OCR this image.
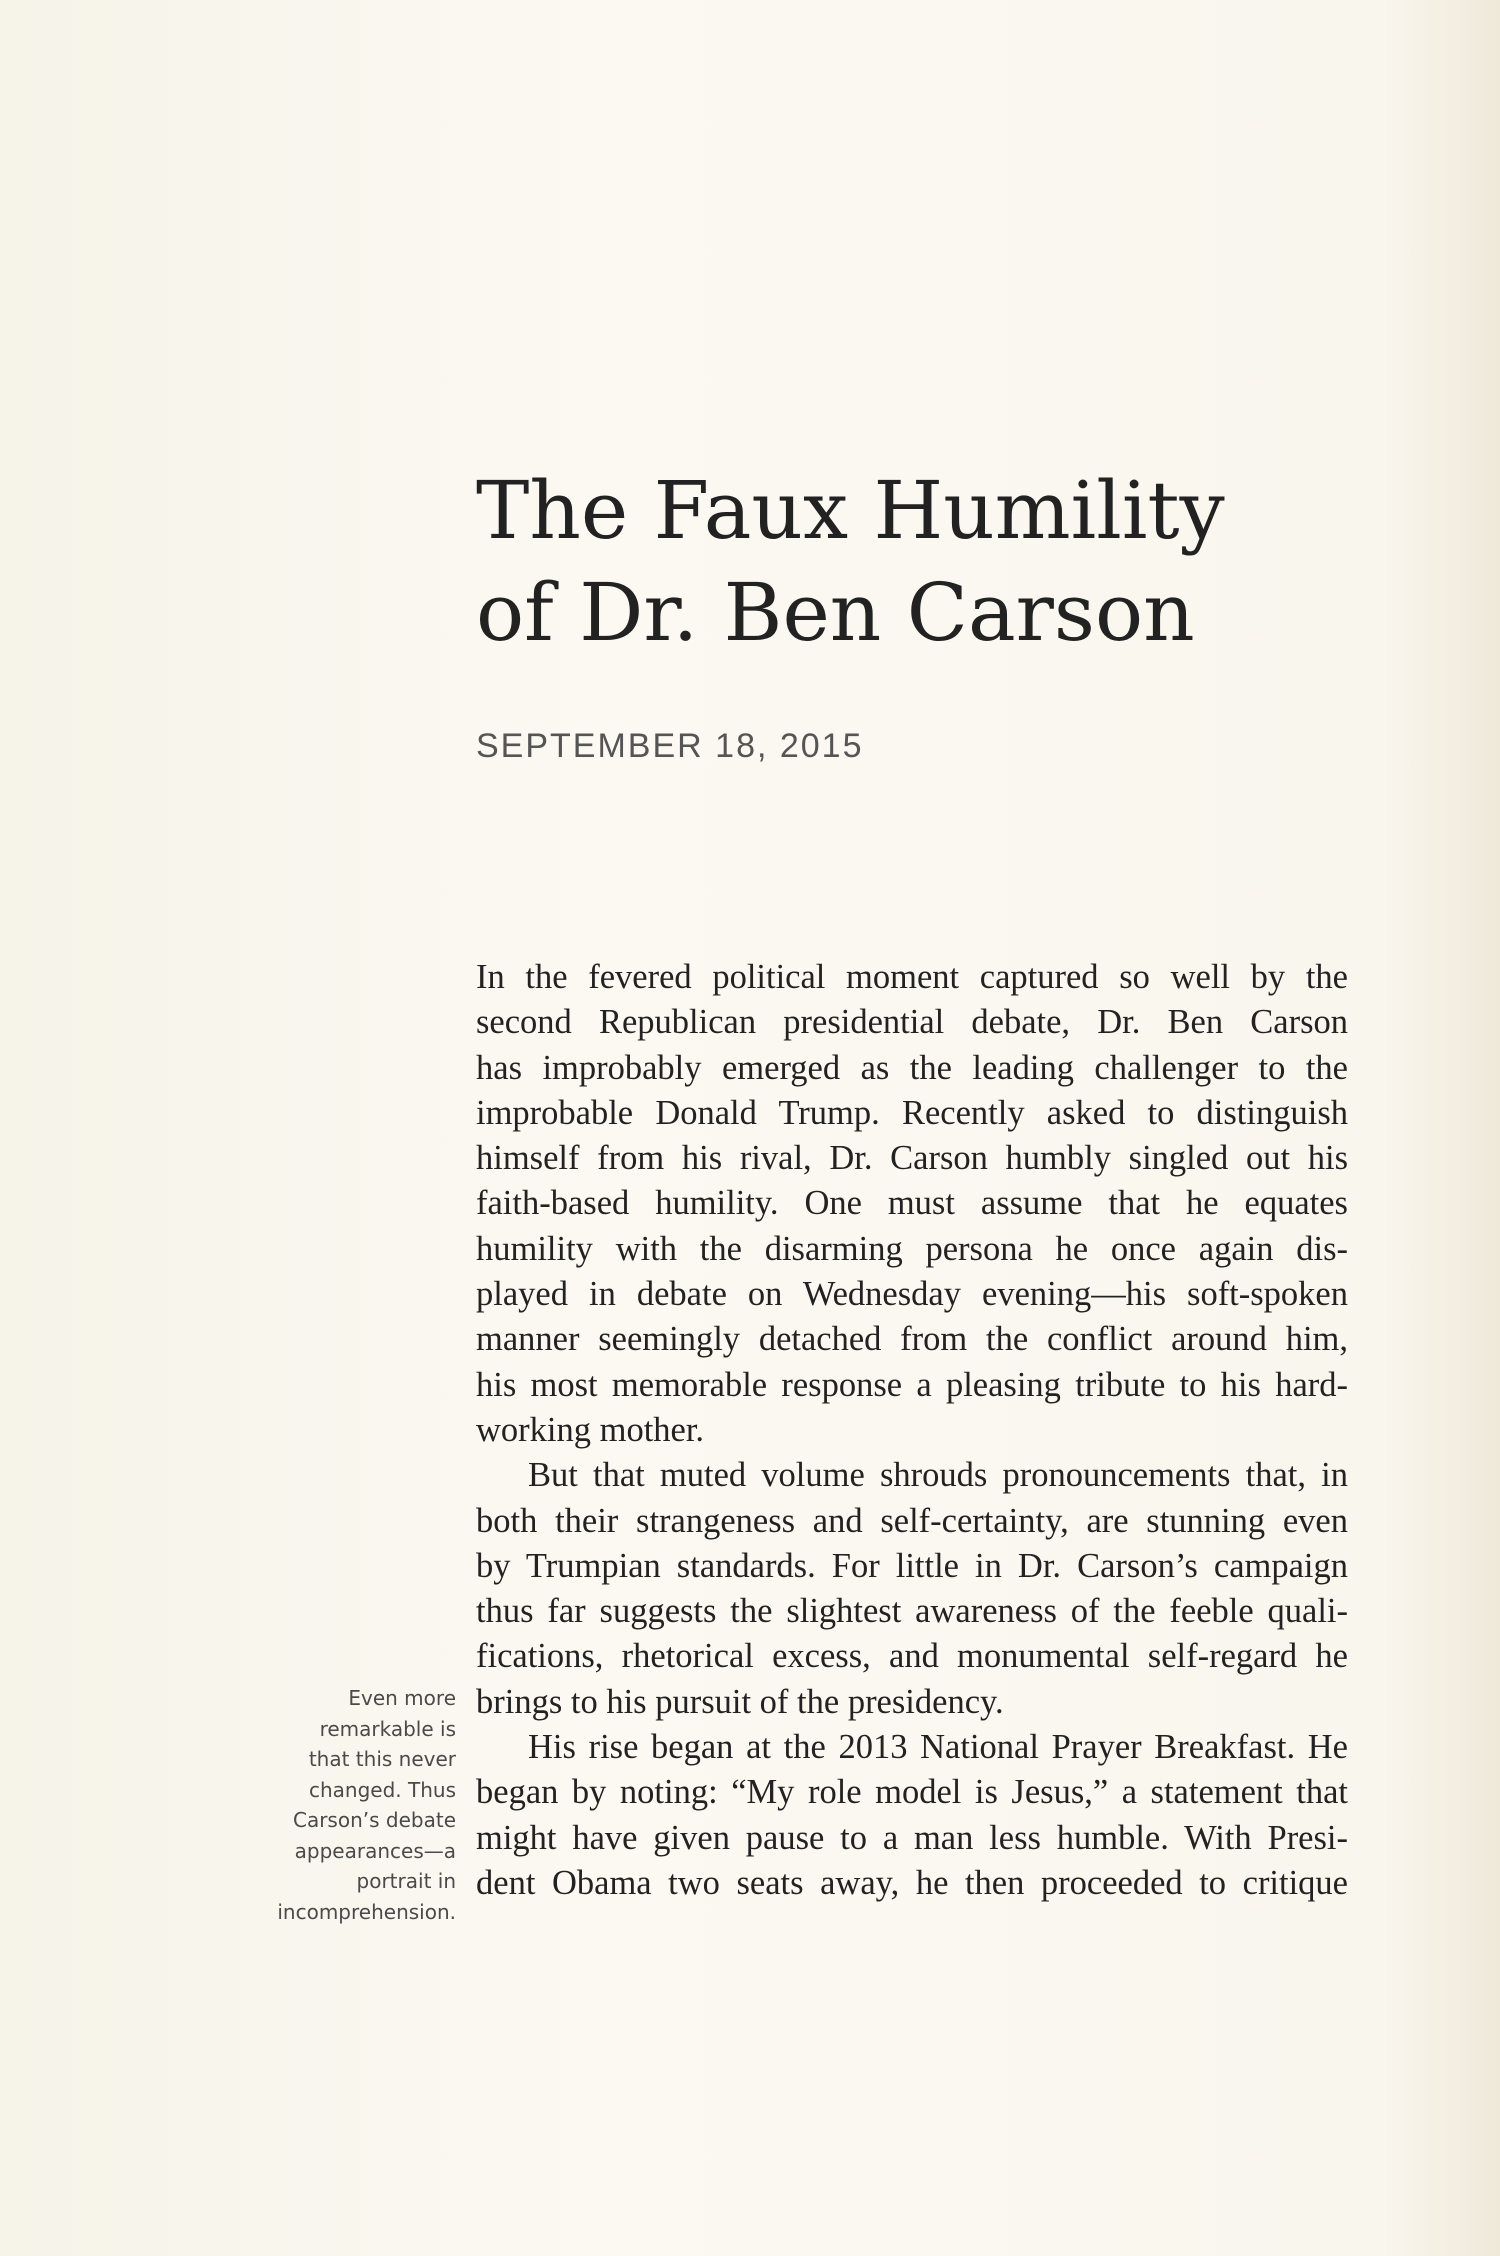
The Faux Humility
of Dr. Ben Carson
SEPTEMBER 18, 2015
In the fevered political moment captured so well by the
second Republican presidential debate, Dr. Ben Carson
has improbably emerged as the leading challenger to the
improbable Donald Trump. Recently asked to distinguish
himself from his rival, Dr. Carson humbly singled out his
faith-based humility. One must assume that he equates
humility with the disarming persona he once again dis-
played in debate on Wednesday evening—his soft-spoken
manner seemingly detached from the conflict around him,
his most memorable response a pleasing tribute to his hard-
working mother.
But that muted volume shrouds pronouncements that, in
both their strangeness and self-certainty, are stunning even
by Trumpian standards. For little in Dr. Carson’s campaign
thus far suggests the slightest awareness of the feeble quali-
fications, rhetorical excess, and monumental self-regard he
brings to his pursuit of the presidency.
His rise began at the 2013 National Prayer Breakfast. He
began by noting: “My role model is Jesus,” a statement that
might have given pause to a man less humble. With Presi-
dent Obama two seats away, he then proceeded to critique
Even more
remarkable is
that this never
changed. Thus
Carson’s debate
appearances—a
portrait in
incomprehension.
